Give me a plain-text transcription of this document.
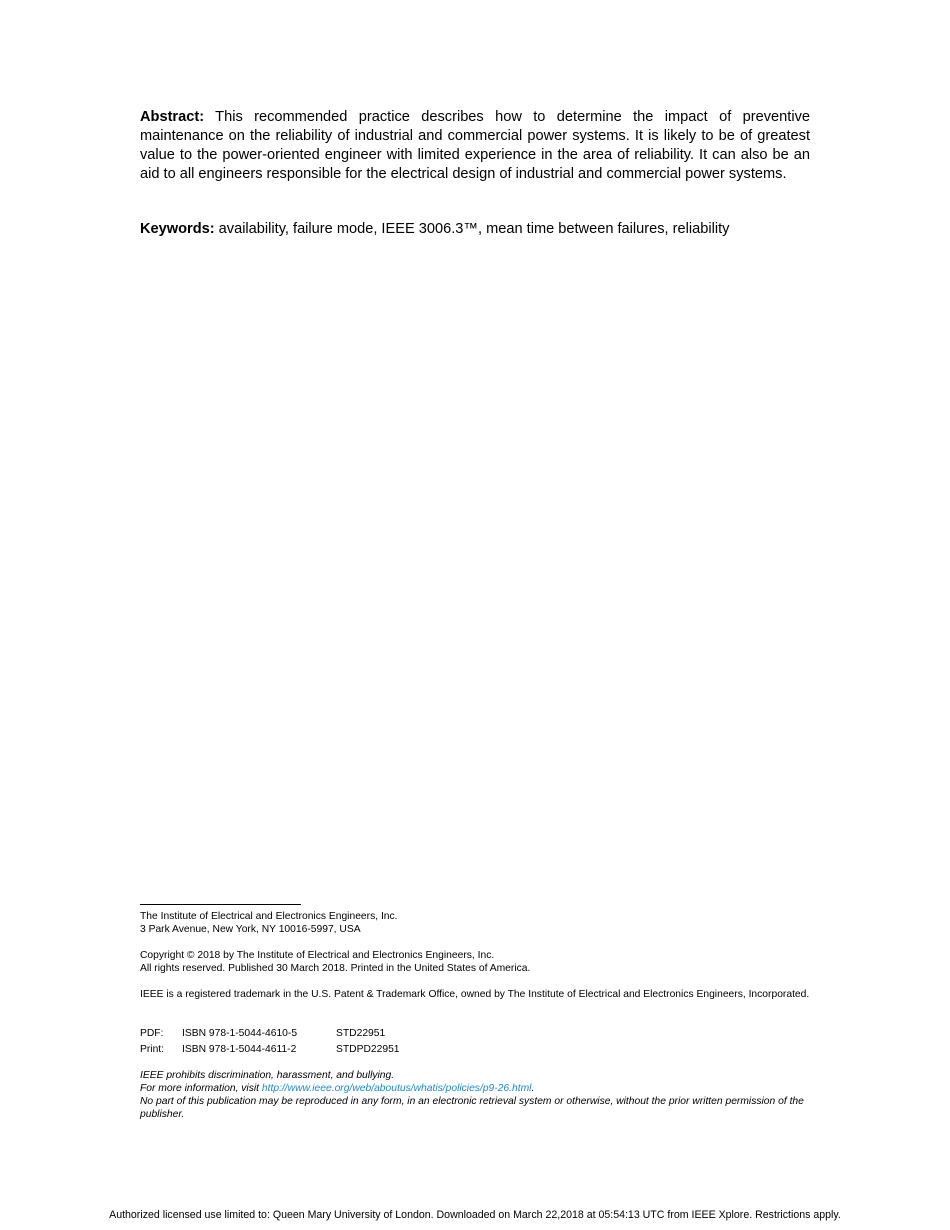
Abstract: This recommended practice describes how to determine the impact of preventive maintenance on the reliability of industrial and commercial power systems. It is likely to be of greatest value to the power-oriented engineer with limited experience in the area of reliability. It can also be an aid to all engineers responsible for the electrical design of industrial and commercial power systems.

Keywords: availability, failure mode, IEEE 3006.3™, mean time between failures, reliability

The Institute of Electrical and Electronics Engineers, Inc.
3 Park Avenue, New York, NY 10016-5997, USA

Copyright © 2018 by The Institute of Electrical and Electronics Engineers, Inc.
All rights reserved. Published 30 March 2018. Printed in the United States of America.

IEEE is a registered trademark in the U.S. Patent & Trademark Office, owned by The Institute of Electrical and Electronics Engineers, Incorporated.

PDF: ISBN 978-1-5044-4610-5	STD22951
Print: ISBN 978-1-5044-4611-2	STDPD22951

IEEE prohibits discrimination, harassment, and bullying.
For more information, visit http://www.ieee.org/web/aboutus/whatis/policies/p9-26.html.
No part of this publication may be reproduced in any form, in an electronic retrieval system or otherwise, without the prior written permission of the publisher.

Authorized licensed use limited to: Queen Mary University of London. Downloaded on March 22,2018 at 05:54:13 UTC from IEEE Xplore. Restrictions apply.
